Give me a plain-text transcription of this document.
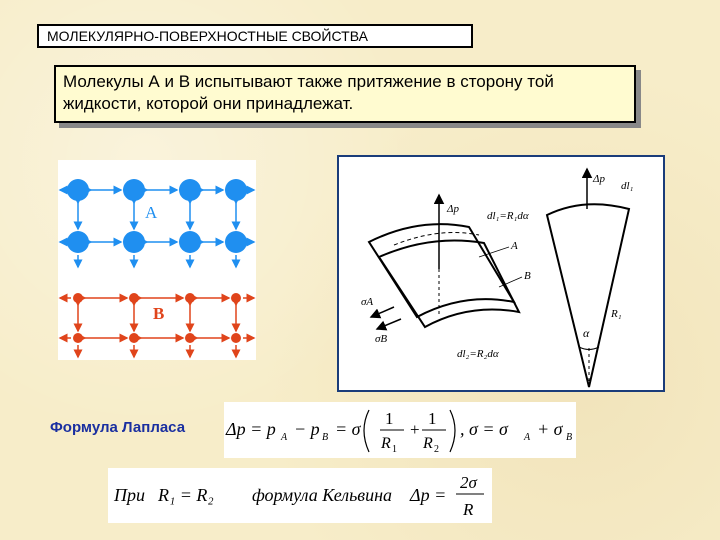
МОЛЕКУЛЯРНО-ПОВЕРХНОСТНЫЕ СВОЙСТВА
Молекулы А и В испытывают также притяжение в сторону той жидкости, которой они принадлежат.
A
B
Δp
dl₁=R₁dα
A
B
dl₂=R₂dα
σA
σB
Δp
dl₁
R₁
α
Формула Лапласа Δp = p A − p B = σ
1
R 1
+
1
R 2
, σ = σ A + σ B
При R₁ = R₂ формула Кельвина Δp =
2σ
R
